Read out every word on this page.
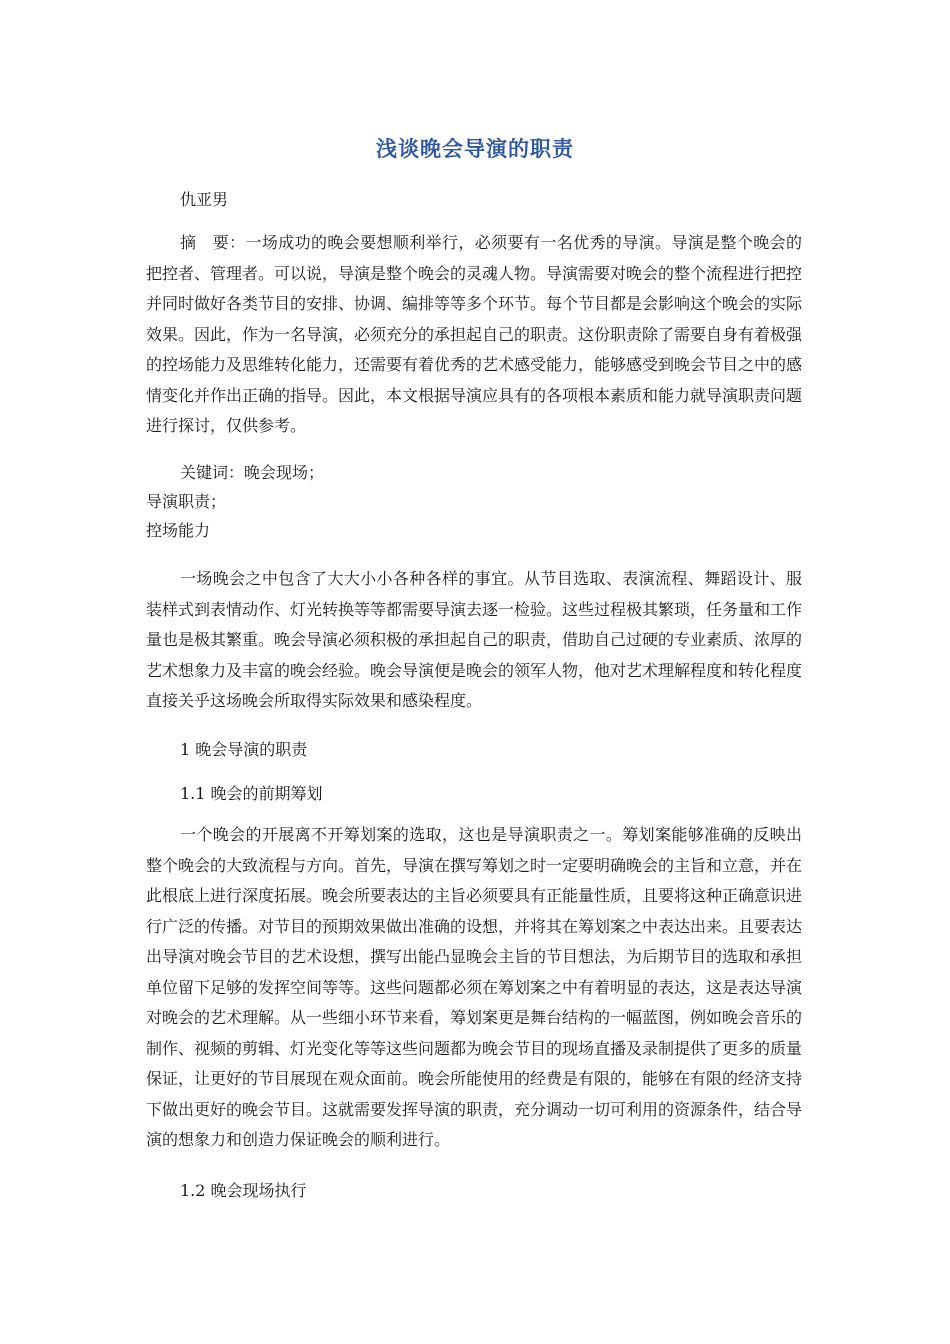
浅谈晚会导演的职责
仇亚男

摘　要：一场成功的晚会要想顺利举行，必须要有一名优秀的导演。导演是整个晚会的把控者、管理者。可以说，导演是整个晚会的灵魂人物。导演需要对晚会的整个流程进行把控并同时做好各类节目的安排、协调、编排等等多个环节。每个节目都是会影响这个晚会的实际效果。因此，作为一名导演，必须充分的承担起自己的职责。这份职责除了需要自身有着极强的控场能力及思维转化能力，还需要有着优秀的艺术感受能力，能够感受到晚会节目之中的感情变化并作出正确的指导。因此，本文根据导演应具有的各项根本素质和能力就导演职责问题进行探讨，仅供参考。

关键词：晚会现场；
导演职责；
控场能力

一场晚会之中包含了大大小小各种各样的事宜。从节目选取、表演流程、舞蹈设计、服装样式到表情动作、灯光转换等等都需要导演去逐一检验。这些过程极其繁琐，任务量和工作量也是极其繁重。晚会导演必须积极的承担起自己的职责，借助自己过硬的专业素质、浓厚的艺术想象力及丰富的晚会经验。晚会导演便是晚会的领军人物，他对艺术理解程度和转化程度直接关乎这场晚会所取得实际效果和感染程度。

1 晚会导演的职责
1.1 晚会的前期筹划

一个晚会的开展离不开筹划案的选取，这也是导演职责之一。筹划案能够准确的反映出整个晚会的大致流程与方向。首先，导演在撰写筹划之时一定要明确晚会的主旨和立意，并在此根底上进行深度拓展。晚会所要表达的主旨必须要具有正能量性质，且要将这种正确意识进行广泛的传播。对节目的预期效果做出准确的设想，并将其在筹划案之中表达出来。且要表达出导演对晚会节目的艺术设想，撰写出能凸显晚会主旨的节目想法，为后期节目的选取和承担单位留下足够的发挥空间等等。这些问题都必须在筹划案之中有着明显的表达，这是表达导演对晚会的艺术理解。从一些细小环节来看，筹划案更是舞台结构的一幅蓝图，例如晚会音乐的制作、视频的剪辑、灯光变化等等这些问题都为晚会节目的现场直播及录制提供了更多的质量保证，让更好的节目展现在观众面前。晚会所能使用的经费是有限的，能够在有限的经济支持下做出更好的晚会节目。这就需要发挥导演的职责，充分调动一切可利用的资源条件，结合导演的想象力和创造力保证晚会的顺利进行。

1.2 晚会现场执行
